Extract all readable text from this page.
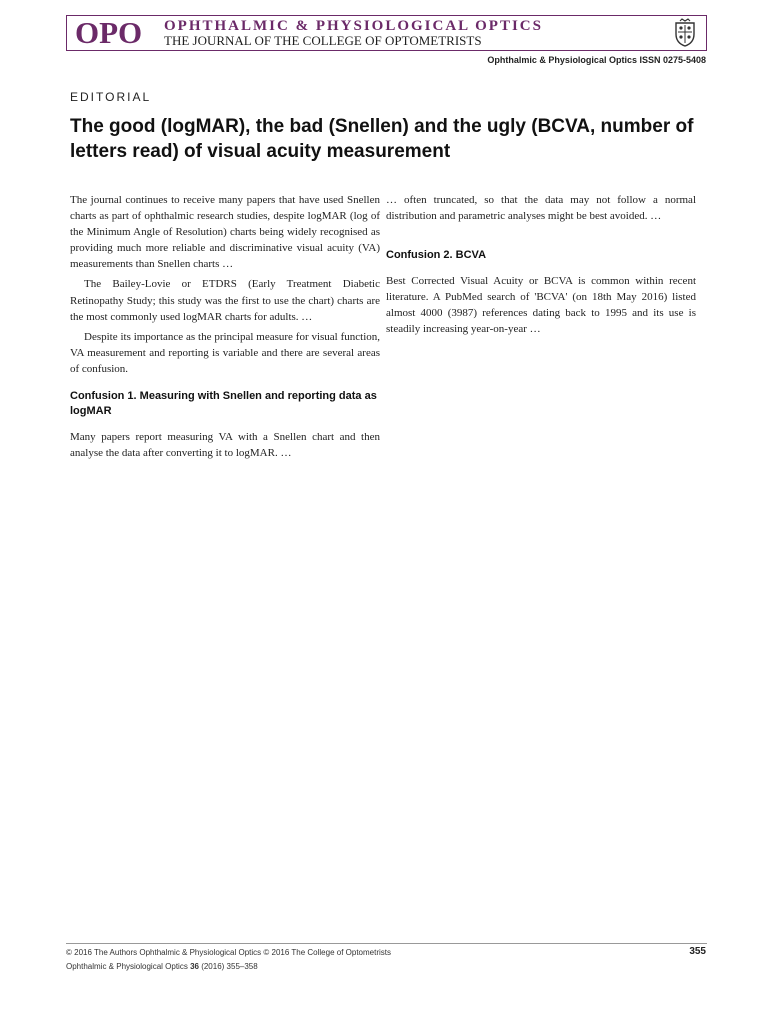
OPO OPHTHALMIC & PHYSIOLOGICAL OPTICS
THE JOURNAL OF THE COLLEGE OF OPTOMETRISTS
Ophthalmic & Physiological Optics ISSN 0275-5408
EDITORIAL
The good (logMAR), the bad (Snellen) and the ugly (BCVA, number of letters read) of visual acuity measurement

The journal continues to receive many papers that have used Snellen charts as part of ophthalmic research studies, despite logMAR (log of the Minimum Angle of Resolution) charts being widely recognised as providing much more reliable and discriminative visual acuity (VA) measurements than Snellen charts …

The Bailey-Lovie or ETDRS (Early Treatment Diabetic Retinopathy Study; this study was the first to use the chart) charts are the most commonly used logMAR charts for adults. …

Despite its importance as the principal measure for visual function, VA measurement and reporting is variable and there are several areas of confusion.

Confusion 1. Measuring with Snellen and reporting data as logMAR

Many papers report measuring VA with a Snellen chart and then analyse the data after converting it to logMAR. …

… often truncated, so that the data may not follow a normal distribution and parametric analyses might be best avoided. …

Confusion 2. BCVA

Best Corrected Visual Acuity or BCVA is common within recent literature. A PubMed search of 'BCVA' (on 18th May 2016) listed almost 4000 (3987) references dating back to 1995 and its use is steadily increasing year-on-year …

© 2016 The Authors Ophthalmic & Physiological Optics © 2016 The College of Optometrists
Ophthalmic & Physiological Optics 36 (2016) 355–358
355
